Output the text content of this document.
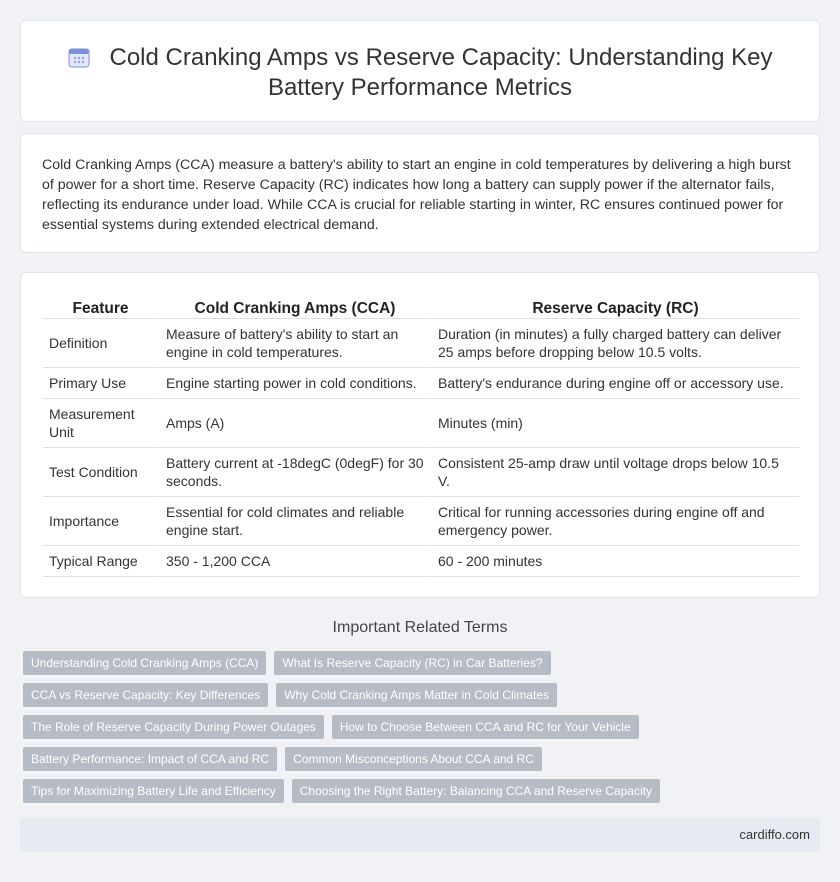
Cold Cranking Amps vs Reserve Capacity: Understanding Key Battery Performance Metrics

Cold Cranking Amps (CCA) measure a battery's ability to start an engine in cold temperatures by delivering a high burst of power for a short time. Reserve Capacity (RC) indicates how long a battery can supply power if the alternator fails, reflecting its endurance under load. While CCA is crucial for reliable starting in winter, RC ensures continued power for essential systems during extended electrical demand.

Feature	Cold Cranking Amps (CCA)	Reserve Capacity (RC)
Definition	Measure of battery's ability to start an engine in cold temperatures.	Duration (in minutes) a fully charged battery can deliver 25 amps before dropping below 10.5 volts.
Primary Use	Engine starting power in cold conditions.	Battery's endurance during engine off or accessory use.
Measurement Unit	Amps (A)	Minutes (min)
Test Condition	Battery current at -18degC (0degF) for 30 seconds.	Consistent 25-amp draw until voltage drops below 10.5 V.
Importance	Essential for cold climates and reliable engine start.	Critical for running accessories during engine off and emergency power.
Typical Range	350 - 1,200 CCA	60 - 200 minutes
Important Related Terms
Understanding Cold Cranking Amps (CCA)	What Is Reserve Capacity (RC) in Car Batteries?
CCA vs Reserve Capacity: Key Differences	Why Cold Cranking Amps Matter in Cold Climates
The Role of Reserve Capacity During Power Outages	How to Choose Between CCA and RC for Your Vehicle
Battery Performance: Impact of CCA and RC	Common Misconceptions About CCA and RC
Tips for Maximizing Battery Life and Efficiency	Choosing the Right Battery: Balancing CCA and Reserve Capacity
cardiffo.com
